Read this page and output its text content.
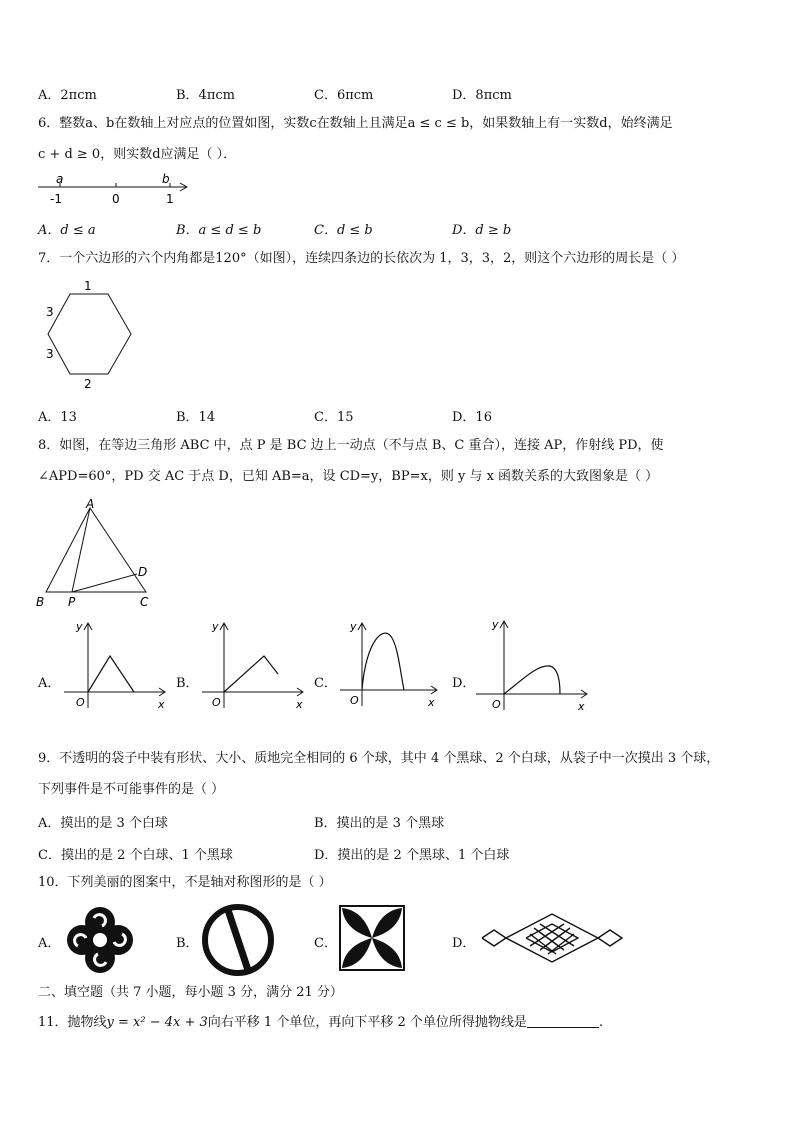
A．2πcm	B．4πcm	C．6πcm	D．8πcm
6．整数a、b在数轴上对应点的位置如图，实数c在数轴上且满足a ≤ c ≤ b，如果数轴上有一实数d，始终满足
c + d ≥ 0，则实数d应满足（ ）．
a	b
-1	0	1
A．d ≤ a	B．a ≤ d ≤ b	C．d ≤ b	D．d ≥ b
7．一个六边形的六个内角都是120°（如图），连续四条边的长依次为 1，3，3，2，则这个六边形的周长是（ ）
1
3
3
2
A．13	B．14	C．15	D．16
8．如图，在等边三角形 ABC 中，点 P 是 BC 边上一动点（不与点 B、C 重合），连接 AP，作射线 PD，使
∠APD=60°，PD 交 AC 于点 D，已知 AB=a，设 CD=y，BP=x，则 y 与 x 函数关系的大致图象是（ ）
A
B P	C
D
A．
y
x
O
B．
y
x
O
C．
y
x
O
D．
y
x
O
9．不透明的袋子中装有形状、大小、质地完全相同的 6 个球，其中 4 个黑球、2 个白球，从袋子中一次摸出 3 个球，
下列事件是不可能事件的是（ ）
A．摸出的是 3 个白球	B．摸出的是 3 个黑球
C．摸出的是 2 个白球、1 个黑球	D．摸出的是 2 个黑球、1 个白球
10．下列美丽的图案中，不是轴对称图形的是（ ）
A．	B．	C．	D．
二、填空题（共 7 小题，每小题 3 分，满分 21 分）
11．抛物线y = x² − 4x + 3向右平移 1 个单位，再向下平移 2 个单位所得抛物线是	.
